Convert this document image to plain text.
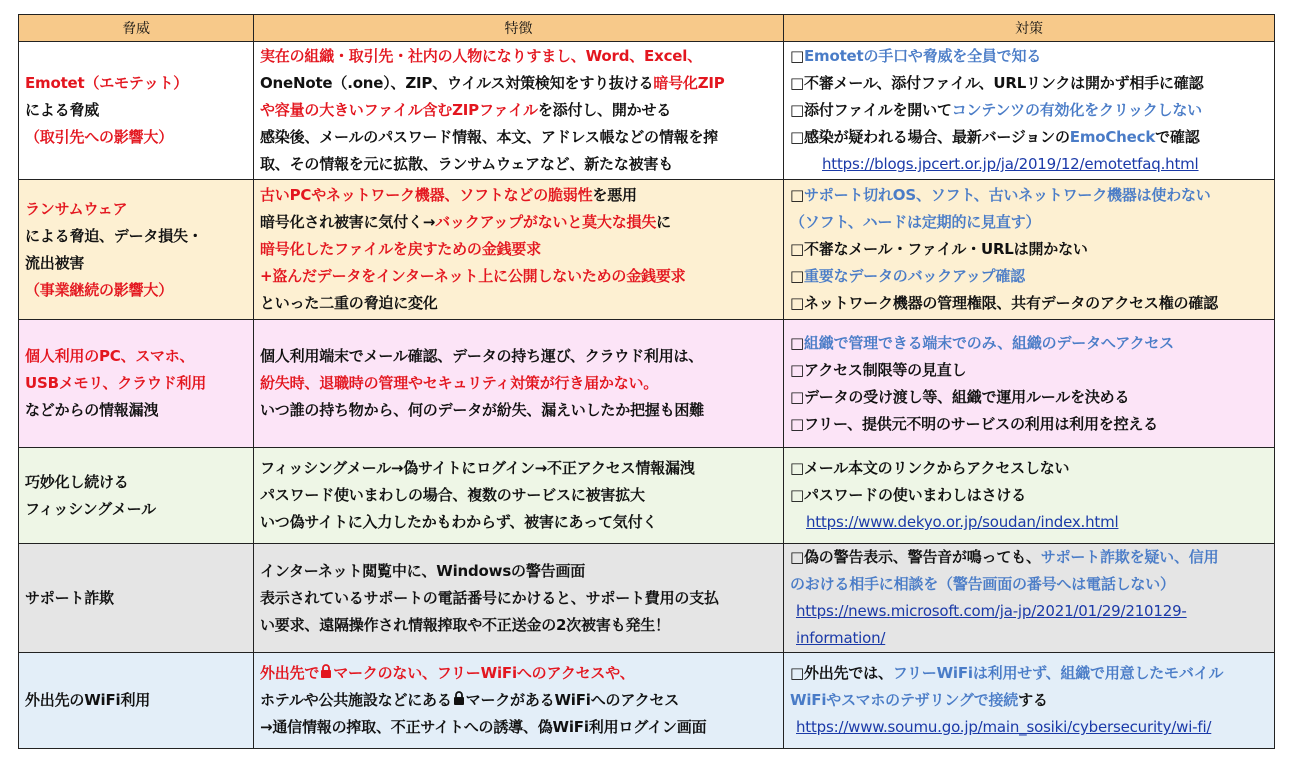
脅威	特徴	対策

Emotet（エモテット）
による脅威
（取引先への影響大）	実在の組織・取引先・社内の人物になりすまし、Word、Excel、
OneNote（.one）、ZIP、ウイルス対策検知をすり抜ける暗号化ZIP
や容量の大きいファイル含むZIPファイルを添付し、開かせる
感染後、メールのパスワード情報、本文、アドレス帳などの情報を搾
取、その情報を元に拡散、ランサムウェアなど、新たな被害も	□Emotetの手口や脅威を全員で知る
□不審メール、添付ファイル、URLリンクは開かず相手に確認
□添付ファイルを開いてコンテンツの有効化をクリックしない
□感染が疑われる場合、最新バージョンのEmoCheckで確認
https://blogs.jpcert.or.jp/ja/2019/12/emotetfaq.html

ランサムウェア
による脅迫、データ損失・
流出被害
（事業継続の影響大）	古いPCやネットワーク機器、ソフトなどの脆弱性を悪用
暗号化され被害に気付く→バックアップがないと莫大な損失に
暗号化したファイルを戻すための金銭要求
+盗んだデータをインターネット上に公開しないための金銭要求
といった二重の脅迫に変化	□サポート切れOS、ソフト、古いネットワーク機器は使わない
（ソフト、ハードは定期的に見直す）
□不審なメール・ファイル・URLは開かない
□重要なデータのバックアップ確認
□ネットワーク機器の管理権限、共有データのアクセス権の確認

個人利用のPC、スマホ、
USBメモリ、クラウド利用
などからの情報漏洩	個人利用端末でメール確認、データの持ち運び、クラウド利用は、
紛失時、退職時の管理やセキュリティ対策が行き届かない。
いつ誰の持ち物から、何のデータが紛失、漏えいしたか把握も困難	□組織で管理できる端末でのみ、組織のデータへアクセス
□アクセス制限等の見直し
□データの受け渡し等、組織で運用ルールを決める
□フリー、提供元不明のサービスの利用は利用を控える

巧妙化し続ける
フィッシングメール	フィッシングメール→偽サイトにログイン→不正アクセス情報漏洩
パスワード使いまわしの場合、複数のサービスに被害拡大
いつ偽サイトに入力したかもわからず、被害にあって気付く	□メール本文のリンクからアクセスしない
□パスワードの使いまわしはさける
https://www.dekyo.or.jp/soudan/index.html

サポート詐欺	インターネット閲覧中に、Windowsの警告画面
表示されているサポートの電話番号にかけると、サポート費用の支払
い要求、遠隔操作され情報搾取や不正送金の2次被害も発生！	□偽の警告表示、警告音が鳴っても、サポート詐欺を疑い、信用
のおける相手に相談を（警告画面の番号へは電話しない）
https://news.microsoft.com/ja-jp/2021/01/29/210129-
information/

外出先のWiFi利用	外出先で マークのない、フリーWiFiへのアクセスや、
ホテルや公共施設などにある マークがあるWiFiへのアクセス
→通信情報の搾取、不正サイトへの誘導、偽WiFi利用ログイン画面	□外出先では、フリーWiFiは利用せず、組織で用意したモバイル
WiFiやスマホのテザリングで接続する
https://www.soumu.go.jp/main_sosiki/cybersecurity/wi-fi/
